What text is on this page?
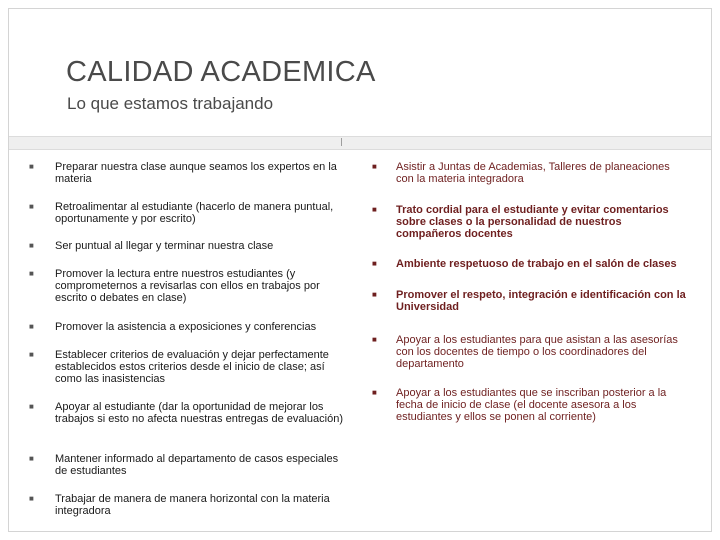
CALIDAD ACADEMICA
Lo que estamos trabajando
■ Preparar nuestra clase aunque seamos los expertos en la materia
■ Retroalimentar al estudiante (hacerlo de manera puntual, oportunamente y por escrito)
■ Ser puntual al llegar y terminar nuestra clase
■ Promover la lectura entre nuestros estudiantes (y comprometernos a revisarlas con ellos en trabajos por escrito o debates en clase)
■ Promover la asistencia a exposiciones y conferencias
■ Establecer criterios de evaluación y dejar perfectamente establecidos estos criterios desde el inicio de clase; así como las inasistencias
■ Apoyar al estudiante (dar la oportunidad de mejorar los trabajos si esto no afecta nuestras entregas de evaluación)
■ Mantener informado al departamento de casos especiales de estudiantes
■ Trabajar de manera de manera horizontal con la materia integradora
■ Asistir a Juntas de Academias, Talleres de planeaciones con la materia integradora
■ Trato cordial para el estudiante y evitar comentarios sobre clases o la personalidad de nuestros compañeros docentes
■ Ambiente respetuoso de trabajo en el salón de clases
■ Promover el respeto, integración e identificación con la Universidad
■ Apoyar a los estudiantes para que asistan a las asesorías con los docentes de tiempo o los coordinadores del departamento
■ Apoyar a los estudiantes que se inscriban posterior a la fecha de inicio de clase (el docente asesora a los estudiantes y ellos se ponen al corriente)
